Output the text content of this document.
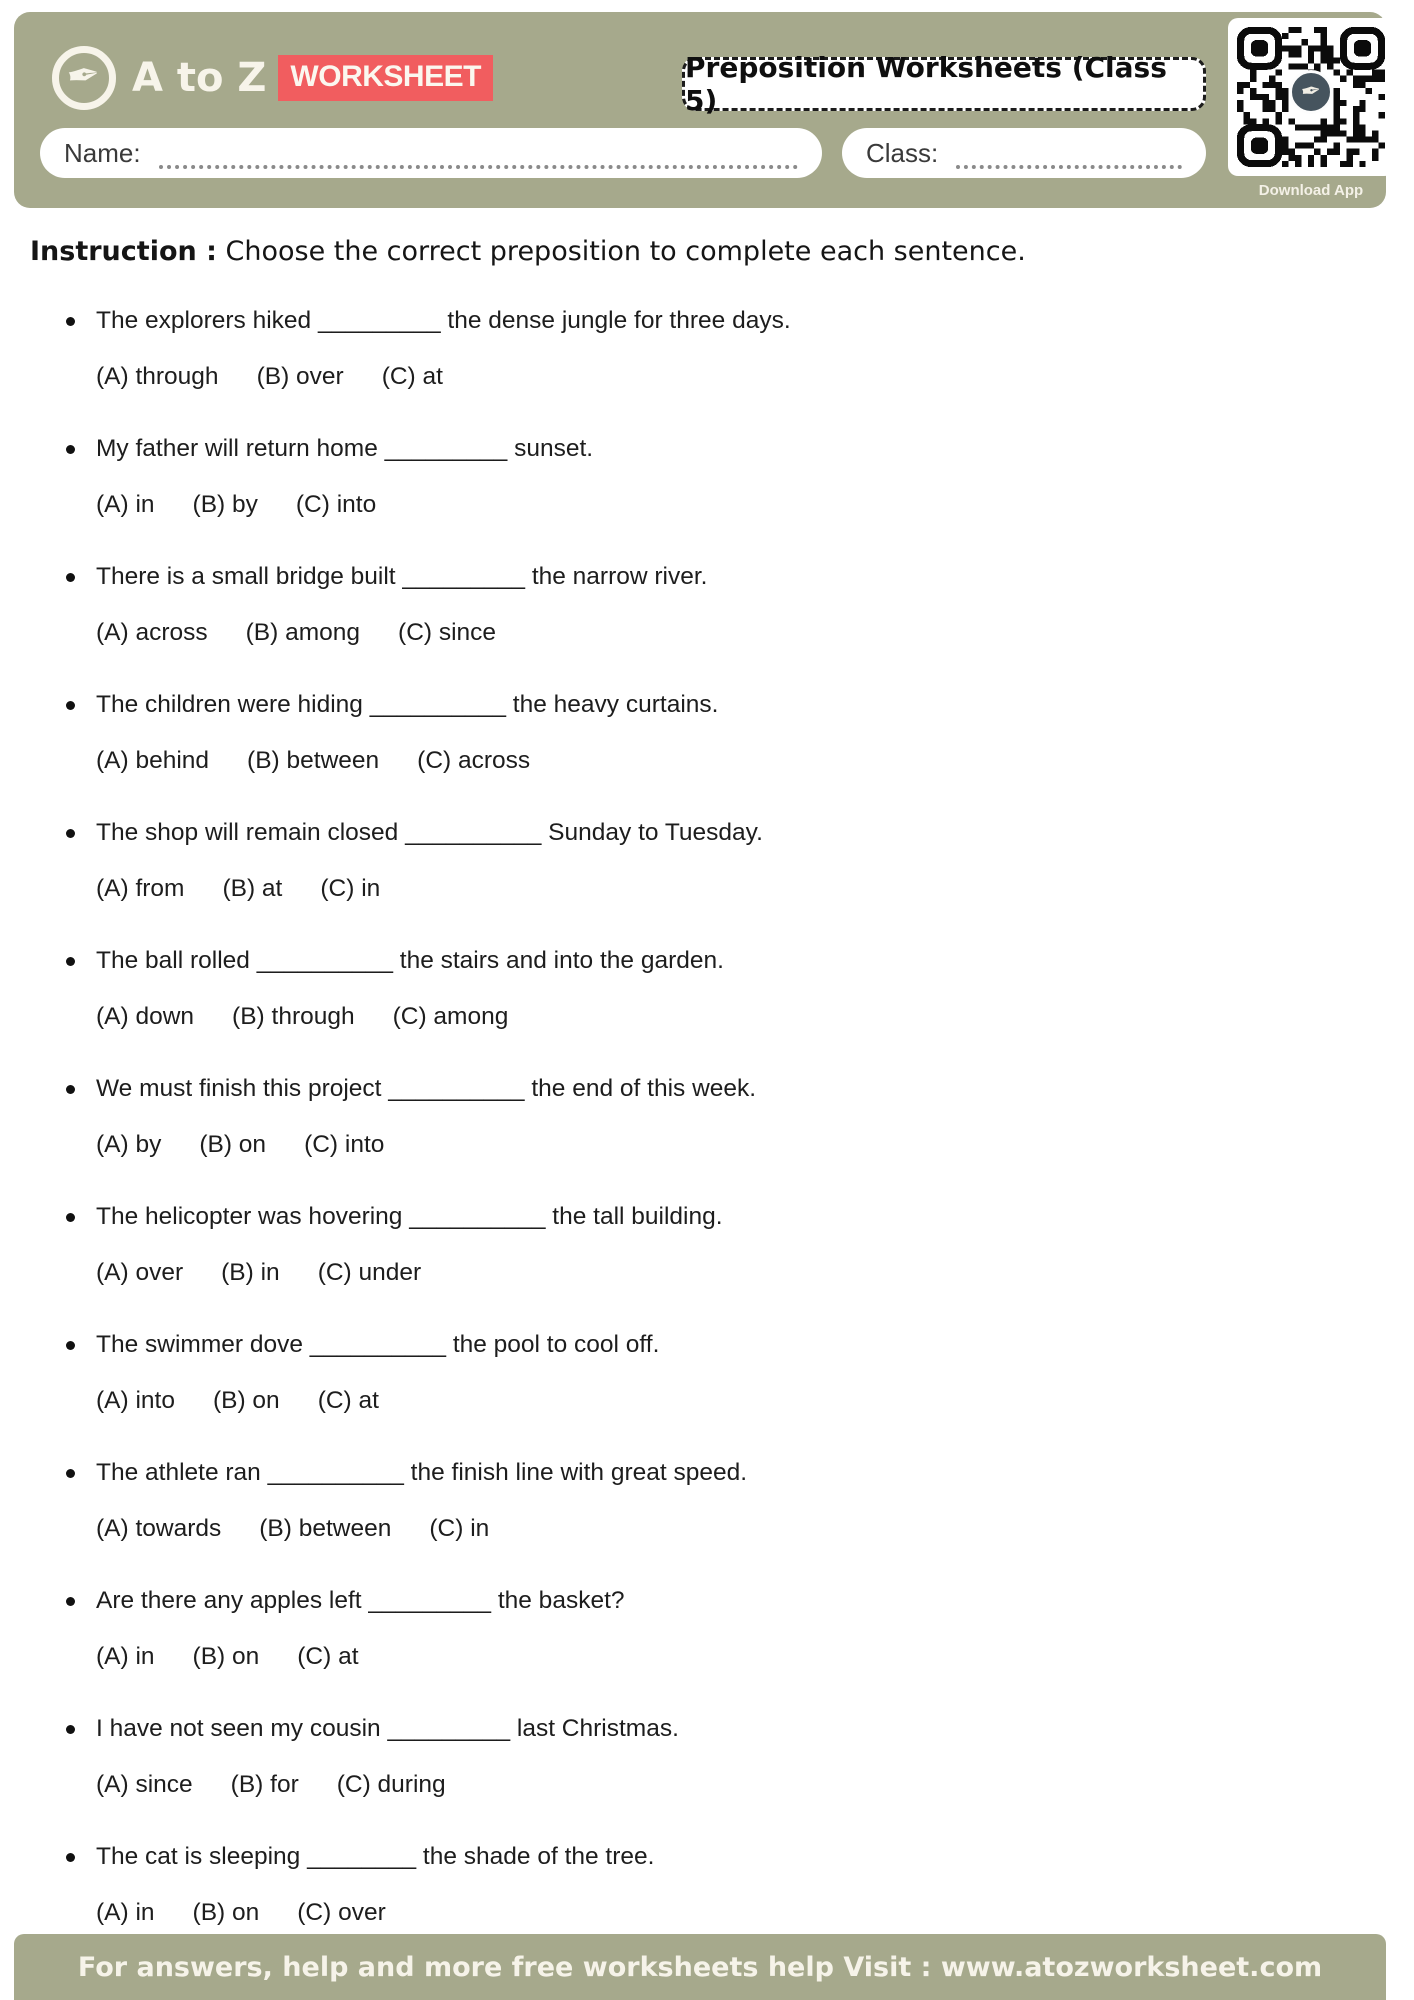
✒ A to Z WORKSHEET	Preposition Worksheets (Class 5)
Name:	Class:
✒
Download App
Instruction : Choose the correct preposition to complete each sentence.
The explorers hiked _________ the dense jungle for three days.
(A) through (B) over (C) at
My father will return home _________ sunset.
(A) in (B) by (C) into
There is a small bridge built _________ the narrow river.
(A) across (B) among (C) since
The children were hiding __________ the heavy curtains.
(A) behind (B) between (C) across
The shop will remain closed __________ Sunday to Tuesday.
(A) from (B) at (C) in
The ball rolled __________ the stairs and into the garden.
(A) down (B) through (C) among
We must finish this project __________ the end of this week.
(A) by (B) on (C) into
The helicopter was hovering __________ the tall building.
(A) over (B) in (C) under
The swimmer dove __________ the pool to cool off.
(A) into (B) on (C) at
The athlete ran __________ the finish line with great speed.
(A) towards (B) between (C) in
Are there any apples left _________ the basket?
(A) in (B) on (C) at
I have not seen my cousin _________ last Christmas.
(A) since (B) for (C) during
The cat is sleeping ________ the shade of the tree.
(A) in (B) on (C) over
For answers, help and more free worksheets help Visit : www.atozworksheet.com
